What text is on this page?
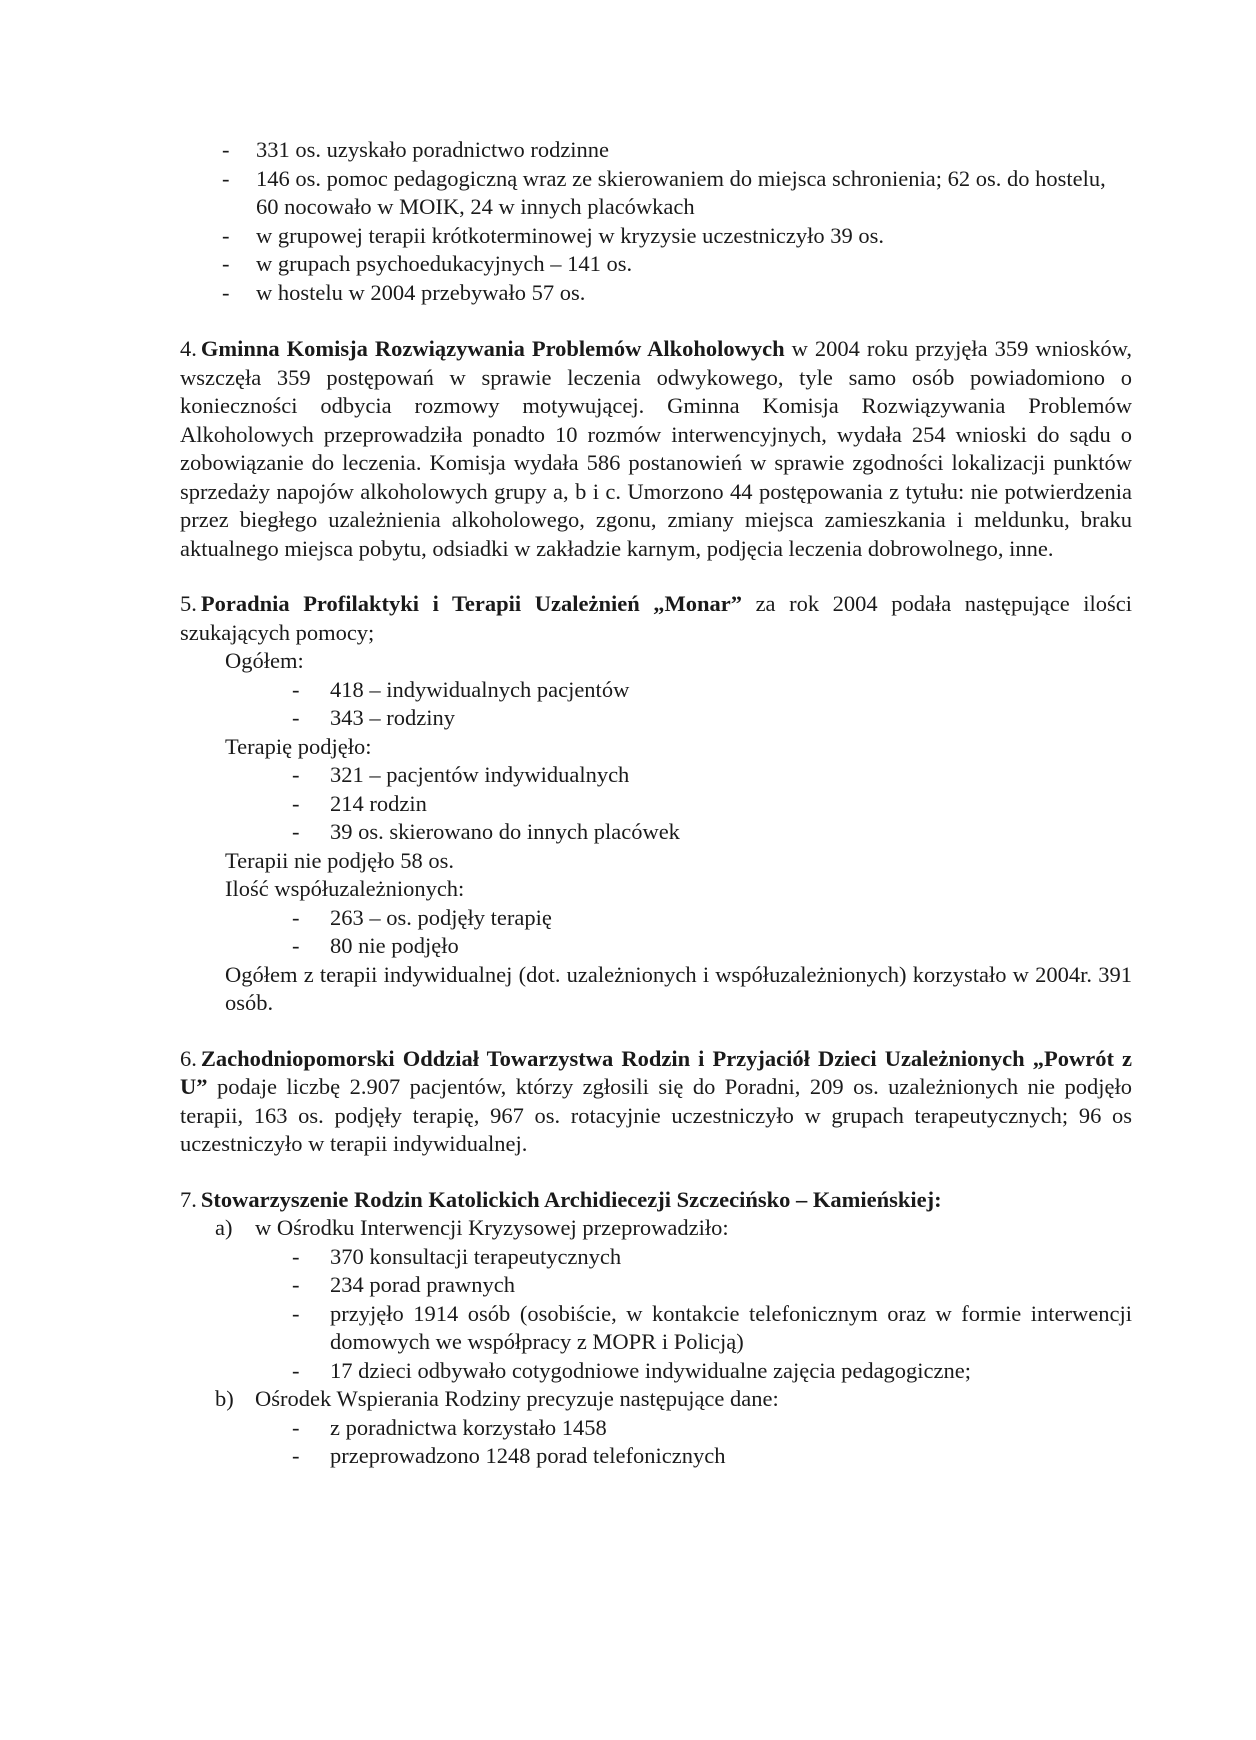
- 331 os. uzyskało poradnictwo rodzinne
- 146 os. pomoc pedagogiczną wraz ze skierowaniem do miejsca schronienia; 62 os. do hostelu, 60 nocowało w MOIK, 24 w innych placówkach
- w grupowej terapii krótkoterminowej w kryzysie uczestniczyło 39 os.
- w grupach psychoedukacyjnych – 141 os.
- w hostelu w 2004 przebywało 57 os.
4. Gminna Komisja Rozwiązywania Problemów Alkoholowych w 2004 roku przyjęła 359 wniosków, wszczęła 359 postępowań w sprawie leczenia odwykowego, tyle samo osób powiadomiono o konieczności odbycia rozmowy motywującej. Gminna Komisja Rozwiązywania Problemów Alkoholowych przeprowadziła ponadto 10 rozmów interwencyjnych, wydała 254 wnioski do sądu o zobowiązanie do leczenia. Komisja wydała 586 postanowień w sprawie zgodności lokalizacji punktów sprzedaży napojów alkoholowych grupy a, b i c. Umorzono 44 postępowania z tytułu: nie potwierdzenia przez biegłego uzależnienia alkoholowego, zgonu, zmiany miejsca zamieszkania i meldunku, braku aktualnego miejsca pobytu, odsiadki w zakładzie karnym, podjęcia leczenia dobrowolnego, inne.
5. Poradnia Profilaktyki i Terapii Uzależnień „Monar” za rok 2004 podała następujące ilości szukających pomocy;
Ogółem:
- 418 – indywidualnych pacjentów
- 343 – rodziny
Terapię podjęło:
- 321 – pacjentów indywidualnych
- 214 rodzin
- 39 os. skierowano do innych placówek
Terapii nie podjęło 58 os.
Ilość współuzależnionych:
- 263 – os. podjęły terapię
- 80 nie podjęło
Ogółem z terapii indywidualnej (dot. uzależnionych i współuzależnionych) korzystało w 2004r. 391 osób.
6. Zachodniopomorski Oddział Towarzystwa Rodzin i Przyjaciół Dzieci Uzależnionych „Powrót z U” podaje liczbę 2.907 pacjentów, którzy zgłosili się do Poradni, 209 os. uzależnionych nie podjęło terapii, 163 os. podjęły terapię, 967 os. rotacyjnie uczestniczyło w grupach terapeutycznych; 96 os uczestniczyło w terapii indywidualnej.
7. Stowarzyszenie Rodzin Katolickich Archidiecezji Szczecińsko – Kamieńskiej:
a) w Ośrodku Interwencji Kryzysowej przeprowadziło:
- 370 konsultacji terapeutycznych
- 234 porad prawnych
- przyjęło 1914 osób (osobiście, w kontakcie telefonicznym oraz w formie interwencji domowych we współpracy z MOPR i Policją)
- 17 dzieci odbywało cotygodniowe indywidualne zajęcia pedagogiczne;
b) Ośrodek Wspierania Rodziny precyzuje następujące dane:
- z poradnictwa korzystało 1458
- przeprowadzono 1248 porad telefonicznych
